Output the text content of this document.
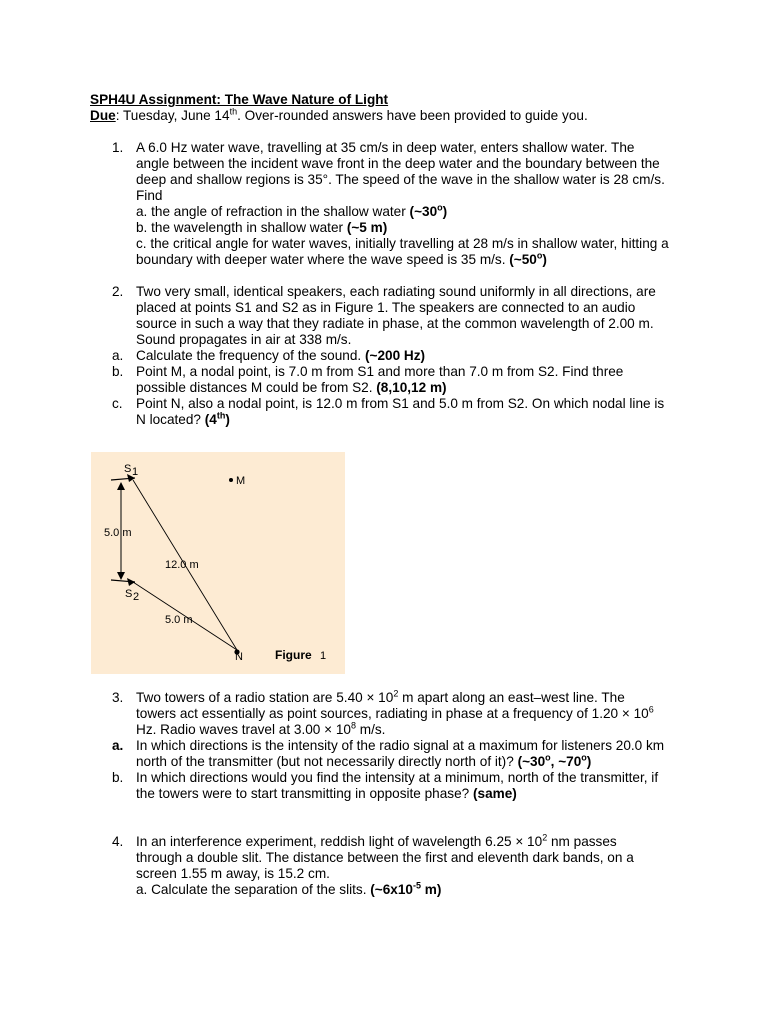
SPH4U Assignment: The Wave Nature of Light
Due: Tuesday, June 14th. Over-rounded answers have been provided to guide you.
1. A 6.0 Hz water wave, travelling at 35 cm/s in deep water, enters shallow water. The
angle between the incident wave front in the deep water and the boundary between the
deep and shallow regions is 35°. The speed of the wave in the shallow water is 28 cm/s.
Find
a. the angle of refraction in the shallow water (~30$^o$)
b. the wavelength in shallow water (~5 m)
c. the critical angle for water waves, initially travelling at 28 m/s in shallow water, hitting a
boundary with deeper water where the wave speed is 35 m/s. (~50$^o$)
2. Two very small, identical speakers, each radiating sound uniformly in all directions, are
placed at points S1 and S2 as in Figure 1. The speakers are connected to an audio
source in such a way that they radiate in phase, at the common wavelength of 2.00 m.
Sound propagates in air at 338 m/s.
a. Calculate the frequency of the sound. (~200 Hz)
b. Point M, a nodal point, is 7.0 m from S1 and more than 7.0 m from S2. Find three
possible distances M could be from S2. (8,10,12 m)
c. Point N, also a nodal point, is 12.0 m from S1 and 5.0 m from S2. On which nodal line is
N located? (4th)
S 1
S 2
5.0 m
M
12.0 m
5.0 m
N	Figure 1
3. Two towers of a radio station are $5.40 \times 10^2$ m apart along an east–west line. The
towers act essentially as point sources, radiating in phase at a frequency of $1.20 \times 10^6$
Hz. Radio waves travel at $3.00 \times 10^8$ m/s.
a. In which directions is the intensity of the radio signal at a maximum for listeners 20.0 km
north of the transmitter (but not necessarily directly north of it)? (~30$^o$, ~70$^o$)
b. In which directions would you find the intensity at a minimum, north of the transmitter, if
the towers were to start transmitting in opposite phase? (same)
4. In an interference experiment, reddish light of wavelength $6.25 \times 10^2$ nm passes
through a double slit. The distance between the first and eleventh dark bands, on a
screen 1.55 m away, is 15.2 cm.
a. Calculate the separation of the slits. ($\sim 6x10^{-5}$ m)
